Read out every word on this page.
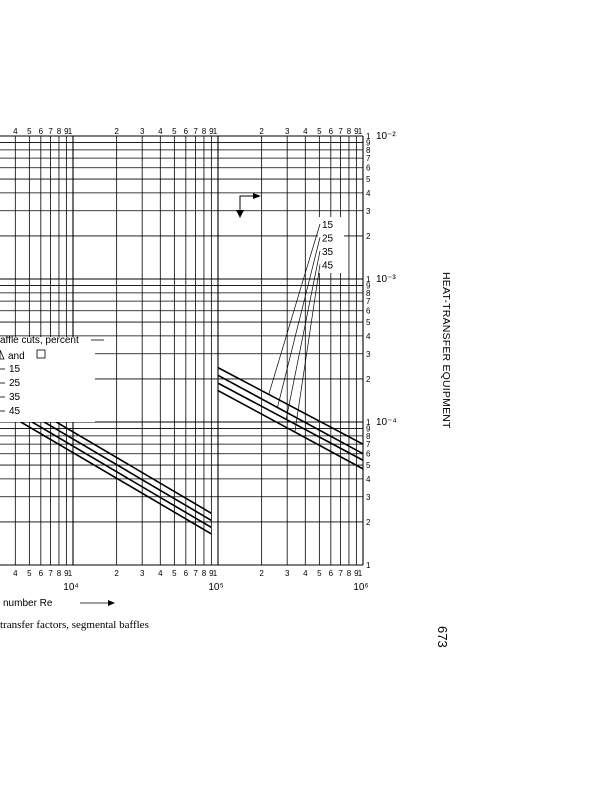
4
4
5
5
6
6
7
7
8
8
9
9
1
1
2
2
3
3
4
4
5
5
6
6
7
7
8
8
9
9
1
1
2
2
3
3
4
4
5
5
6
6
7
7
8
8
9
9
1
1
10⁴	10⁵	10⁶
1
2
3
4
5
6
7
8
9
2
3
4
5
6
7
8
9
2
3
4
5
6
7
8
9
1 10⁻²
1 10⁻³
1 10⁻⁴
15
25
35
45
affle cuts, percent
and
15
25
35
45
number Re
HEAT-TRANSFER EQUIPMENT
673
transfer factors, segmental baffles
